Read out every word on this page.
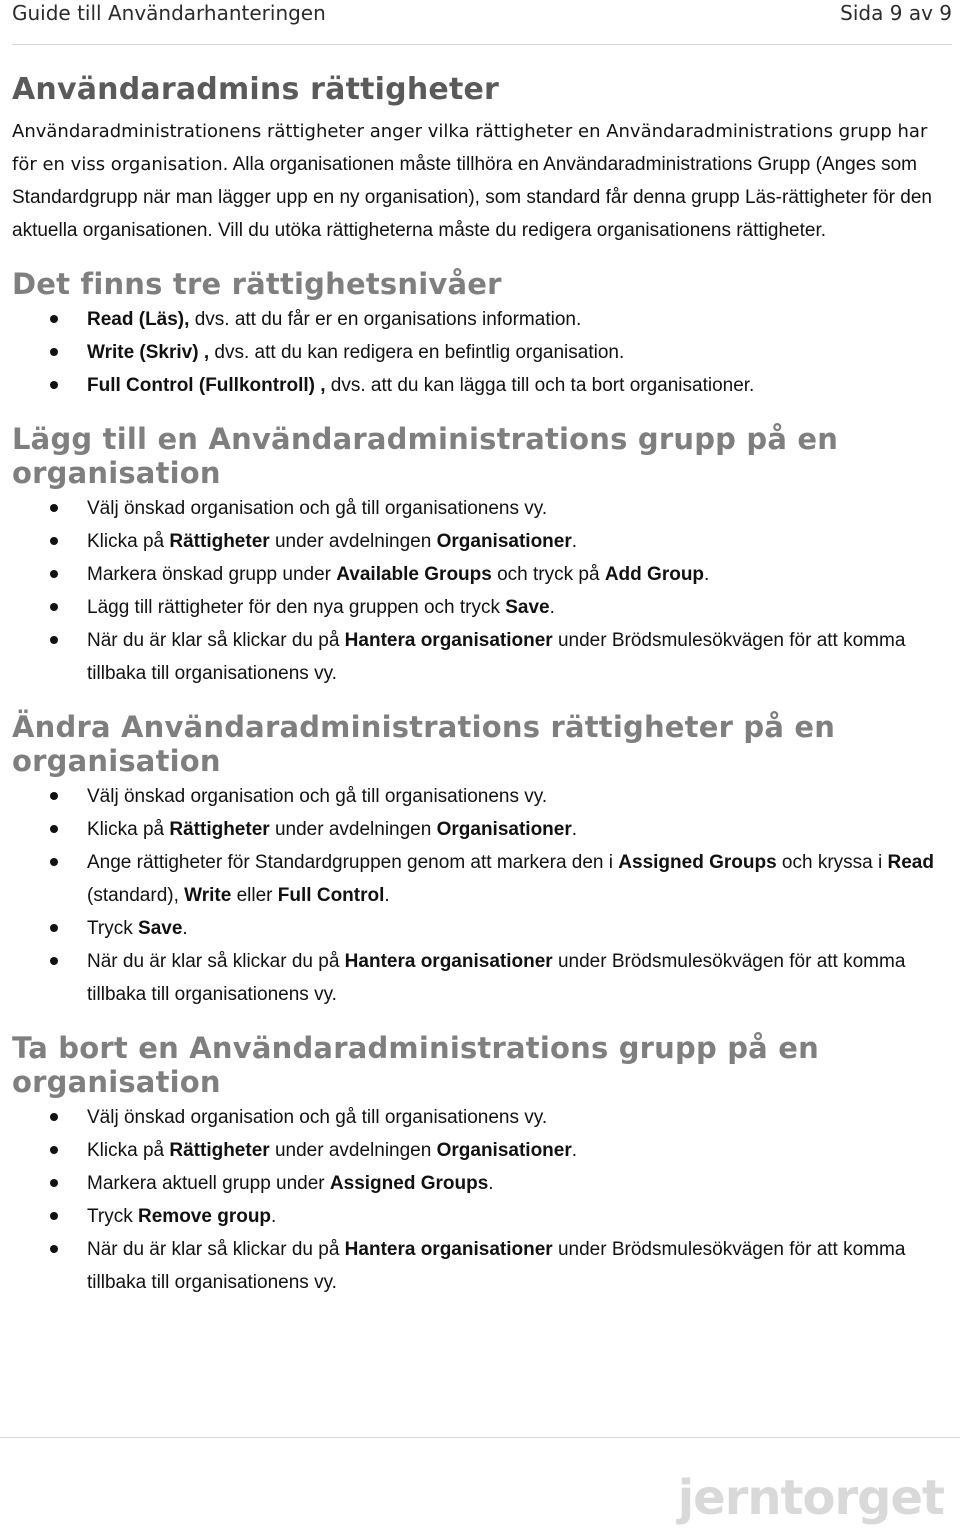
Guide till Användarhanteringen	Sida 9 av 9
Användaradmins rättigheter

Användaradministrationens rättigheter anger vilka rättigheter en Användaradministrations grupp har för en viss organisation. Alla organisationen måste tillhöra en Användaradministrations Grupp (Anges som Standardgrupp när man lägger upp en ny organisation), som standard får denna grupp Läs-rättigheter för den aktuella organisationen. Vill du utöka rättigheterna måste du redigera organisationens rättigheter.

Det finns tre rättighetsnivåer
Read (Läs), dvs. att du får er en organisations information.
Write (Skriv) , dvs. att du kan redigera en befintlig organisation.
Full Control (Fullkontroll) , dvs. att du kan lägga till och ta bort organisationer.
Lägg till en Användaradministrations grupp på en organisation
Välj önskad organisation och gå till organisationens vy.
Klicka på Rättigheter under avdelningen Organisationer.
Markera önskad grupp under Available Groups och tryck på Add Group.
Lägg till rättigheter för den nya gruppen och tryck Save.
När du är klar så klickar du på Hantera organisationer under Brödsmulesökvägen för att komma tillbaka till organisationens vy.
Ändra Användaradministrations rättigheter på en organisation
Välj önskad organisation och gå till organisationens vy.
Klicka på Rättigheter under avdelningen Organisationer.
Ange rättigheter för Standardgruppen genom att markera den i Assigned Groups och kryssa i Read (standard), Write eller Full Control.
Tryck Save.
När du är klar så klickar du på Hantera organisationer under Brödsmulesökvägen för att komma tillbaka till organisationens vy.
Ta bort en Användaradministrations grupp på en organisation
Välj önskad organisation och gå till organisationens vy.
Klicka på Rättigheter under avdelningen Organisationer.
Markera aktuell grupp under Assigned Groups.
Tryck Remove group.
När du är klar så klickar du på Hantera organisationer under Brödsmulesökvägen för att komma tillbaka till organisationens vy.
jerntorget
